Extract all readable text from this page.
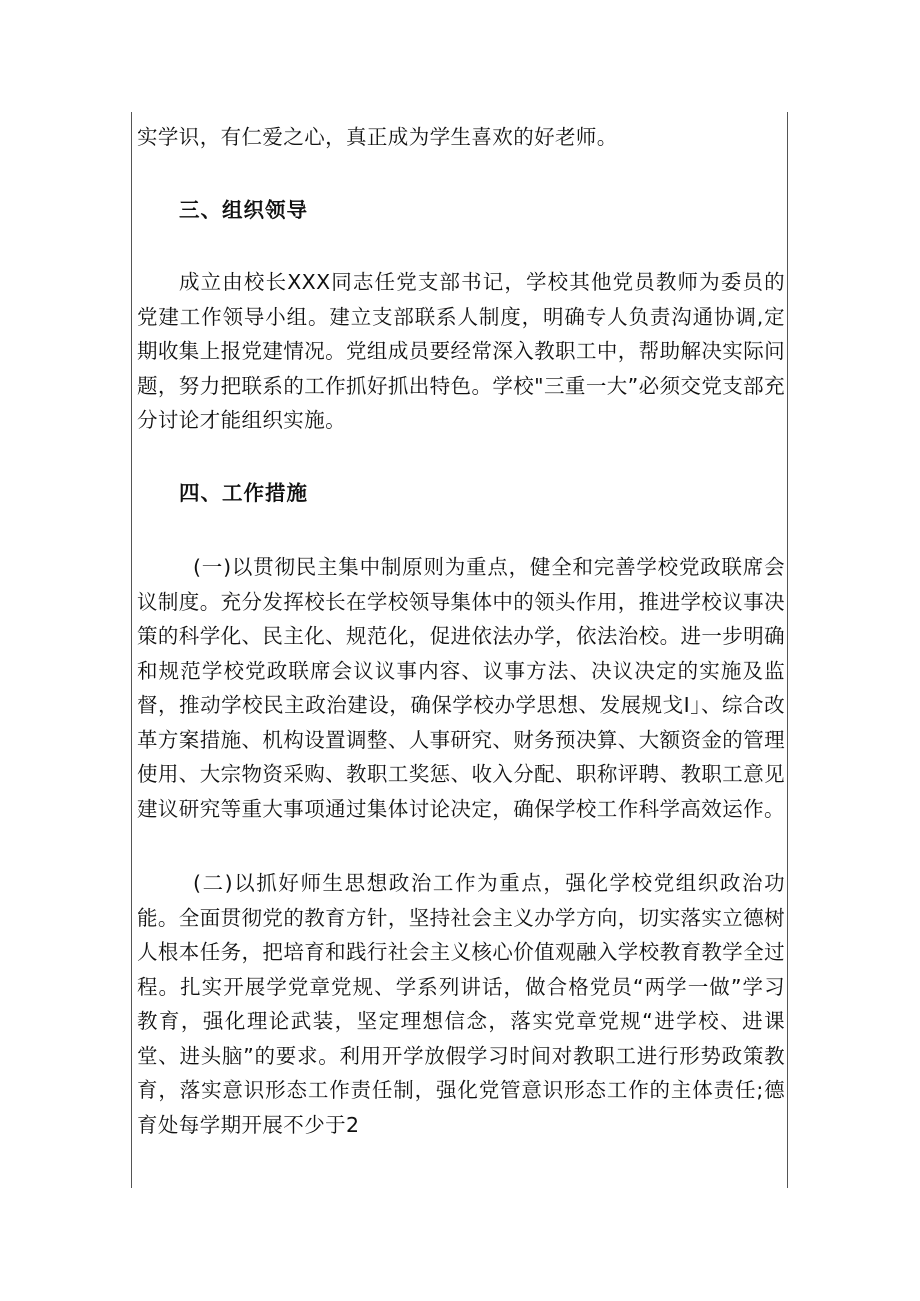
实学识，有仁爱之心，真正成为学生喜欢的好老师。

三、组织领导

成立由校长XXX同志任党支部书记，学校其他党员教师为委员的党建工作领导小组。建立支部联系人制度，明确专人负责沟通协调,定期收集上报党建情况。党组成员要经常深入教职工中，帮助解决实际问题，努力把联系的工作抓好抓出特色。学校"三重一大”必须交党支部充分讨论才能组织实施。

四、工作措施

(一)以贯彻民主集中制原则为重点，健全和完善学校党政联席会议制度。充分发挥校长在学校领导集体中的领头作用，推进学校议事决策的科学化、民主化、规范化，促进依法办学，依法治校。进一步明确和规范学校党政联席会议议事内容、议事方法、决议决定的实施及监督，推动学校民主政治建设，确保学校办学思想、发展规戈I」、综合改革方案措施、机构设置调整、人事研究、财务预决算、大额资金的管理使用、大宗物资采购、教职工奖惩、收入分配、职称评聘、教职工意见建议研究等重大事项通过集体讨论决定，确保学校工作科学高效运作。

(二)以抓好师生思想政治工作为重点，强化学校党组织政治功能。全面贯彻党的教育方针，坚持社会主义办学方向，切实落实立德树人根本任务，把培育和践行社会主义核心价值观融入学校教育教学全过程。扎实开展学党章党规、学系列讲话，做合格党员“两学一做”学习教育，强化理论武装，坚定理想信念，落实党章党规“进学校、进课堂、进头脑”的要求。利用开学放假学习时间对教职工进行形势政策教育，落实意识形态工作责任制，强化党管意识形态工作的主体责任;德育处每学期开展不少于2
